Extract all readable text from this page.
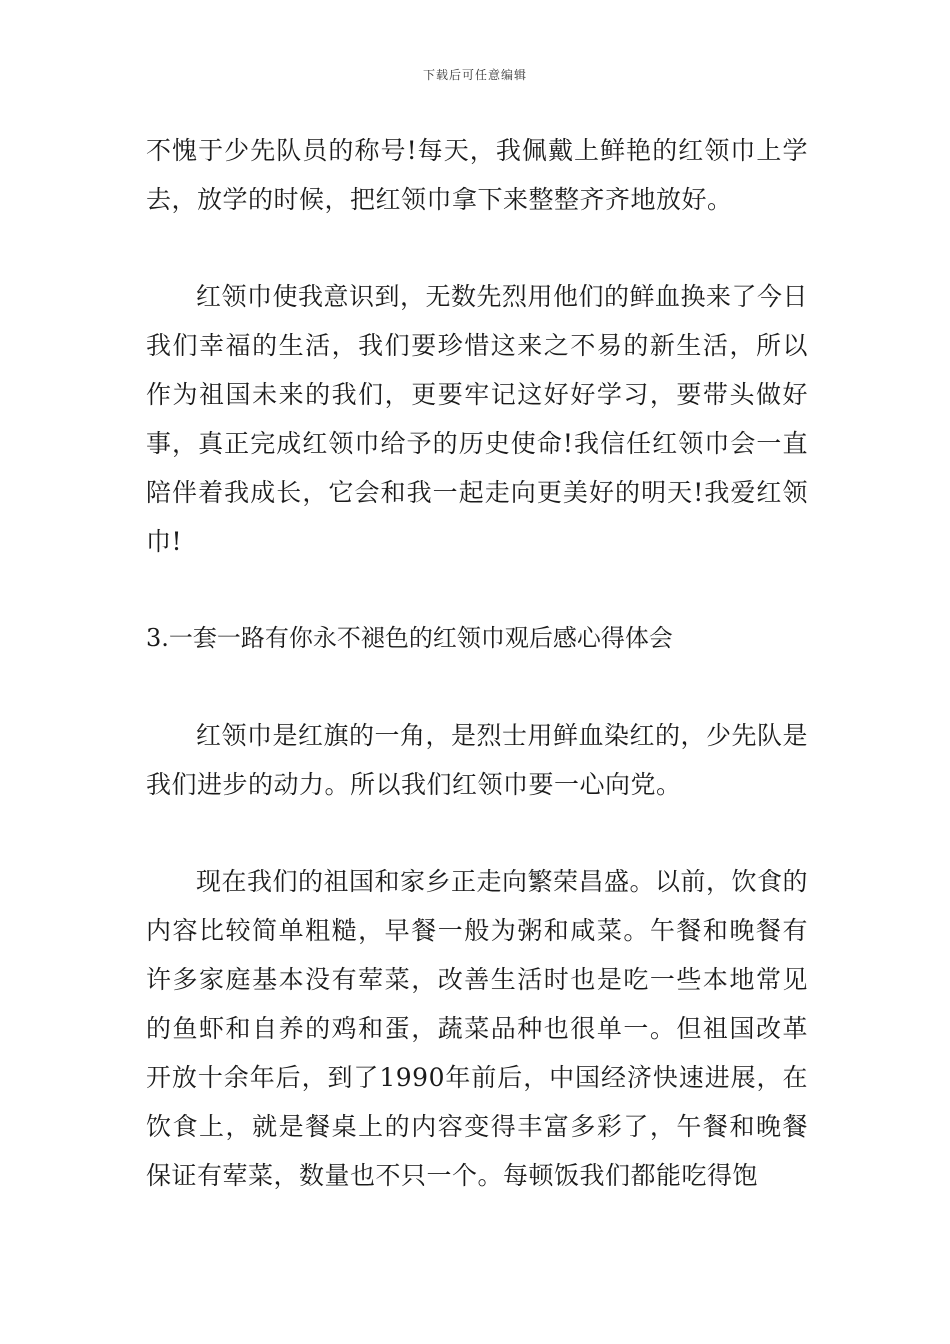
下载后可任意编辑

不愧于少先队员的称号!每天，我佩戴上鲜艳的红领巾上学去，放学的时候，把红领巾拿下来整整齐齐地放好。

红领巾使我意识到，无数先烈用他们的鲜血换来了今日我们幸福的生活，我们要珍惜这来之不易的新生活，所以作为祖国未来的我们，更要牢记这好好学习，要带头做好事，真正完成红领巾给予的历史使命!我信任红领巾会一直陪伴着我成长，它会和我一起走向更美好的明天!我爱红领巾!

3.一套一路有你永不褪色的红领巾观后感心得体会

红领巾是红旗的一角，是烈士用鲜血染红的，少先队是我们进步的动力。所以我们红领巾要一心向党。

现在我们的祖国和家乡正走向繁荣昌盛。以前，饮食的内容比较简单粗糙，早餐一般为粥和咸菜。午餐和晚餐有许多家庭基本没有荤菜，改善生活时也是吃一些本地常见的鱼虾和自养的鸡和蛋，蔬菜品种也很单一。但祖国改革开放十余年后，到了1990年前后，中国经济快速进展，在饮食上，就是餐桌上的内容变得丰富多彩了，午餐和晚餐保证有荤菜，数量也不只一个。每顿饭我们都能吃得饱
